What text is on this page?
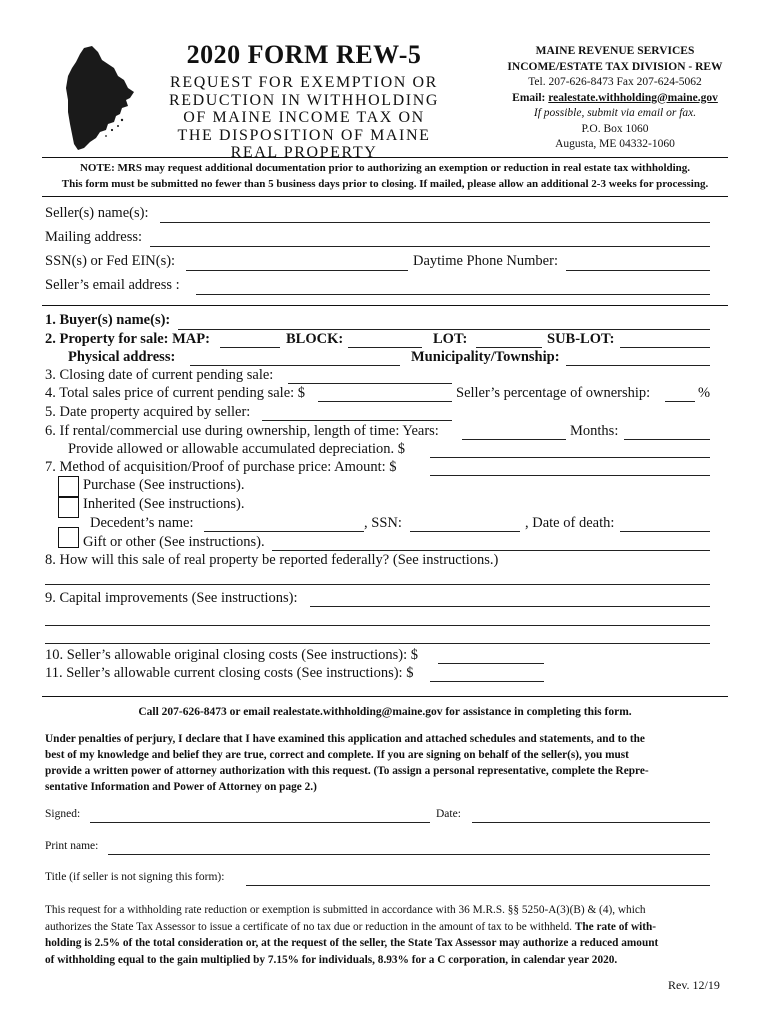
2020 FORM REW-5
REQUEST FOR EXEMPTION OR
REDUCTION IN WITHHOLDING
OF MAINE INCOME TAX ON
THE DISPOSITION OF MAINE
REAL PROPERTY
MAINE REVENUE SERVICES
INCOME/ESTATE TAX DIVISION - REW
Tel. 207-626-8473 Fax 207-624-5062
Email: realestate.withholding@maine.gov
If possible, submit via email or fax.
P.O. Box 1060
Augusta, ME 04332-1060
NOTE: MRS may request additional documentation prior to authorizing an exemption or reduction in real estate tax withholding.
This form must be submitted no fewer than 5 business days prior to closing. If mailed, please allow an additional 2-3 weeks for processing.
Seller(s) name(s):
Mailing address:
SSN(s) or Fed EIN(s):	Daytime Phone Number:
Seller’s email address :
1. Buyer(s) name(s):
2. Property for sale: MAP:	BLOCK:	LOT:	SUB-LOT:
Physical address:	Municipality/Township:
3. Closing date of current pending sale:
4. Total sales price of current pending sale: $	Seller’s percentage of ownership:	%
5. Date property acquired by seller:
6. If rental/commercial use during ownership, length of time: Years:	Months:
Provide allowed or allowable accumulated depreciation. $
7. Method of acquisition/Proof of purchase price: Amount: $
Purchase (See instructions).
Inherited (See instructions).
Decedent’s name:	, SSN:	, Date of death:
Gift or other (See instructions).
8. How will this sale of real property be reported federally? (See instructions.)
9. Capital improvements (See instructions):
10. Seller’s allowable original closing costs (See instructions): $
11. Seller’s allowable current closing costs (See instructions): $
Call 207-626-8473 or email realestate.withholding@maine.gov for assistance in completing this form.
Under penalties of perjury, I declare that I have examined this application and attached schedules and statements, and to the
best of my knowledge and belief they are true, correct and complete. If you are signing on behalf of the seller(s), you must
provide a written power of attorney authorization with this request. (To assign a personal representative, complete the Repre-
sentative Information and Power of Attorney on page 2.)
Signed:	Date:
Print name:
Title (if seller is not signing this form):
This request for a withholding rate reduction or exemption is submitted in accordance with 36 M.R.S. §§ 5250-A(3)(B) & (4), which
authorizes the State Tax Assessor to issue a certificate of no tax due or reduction in the amount of tax to be withheld. The rate of with-
holding is 2.5% of the total consideration or, at the request of the seller, the State Tax Assessor may authorize a reduced amount
of withholding equal to the gain multiplied by 7.15% for individuals, 8.93% for a C corporation, in calendar year 2020.
Rev. 12/19
